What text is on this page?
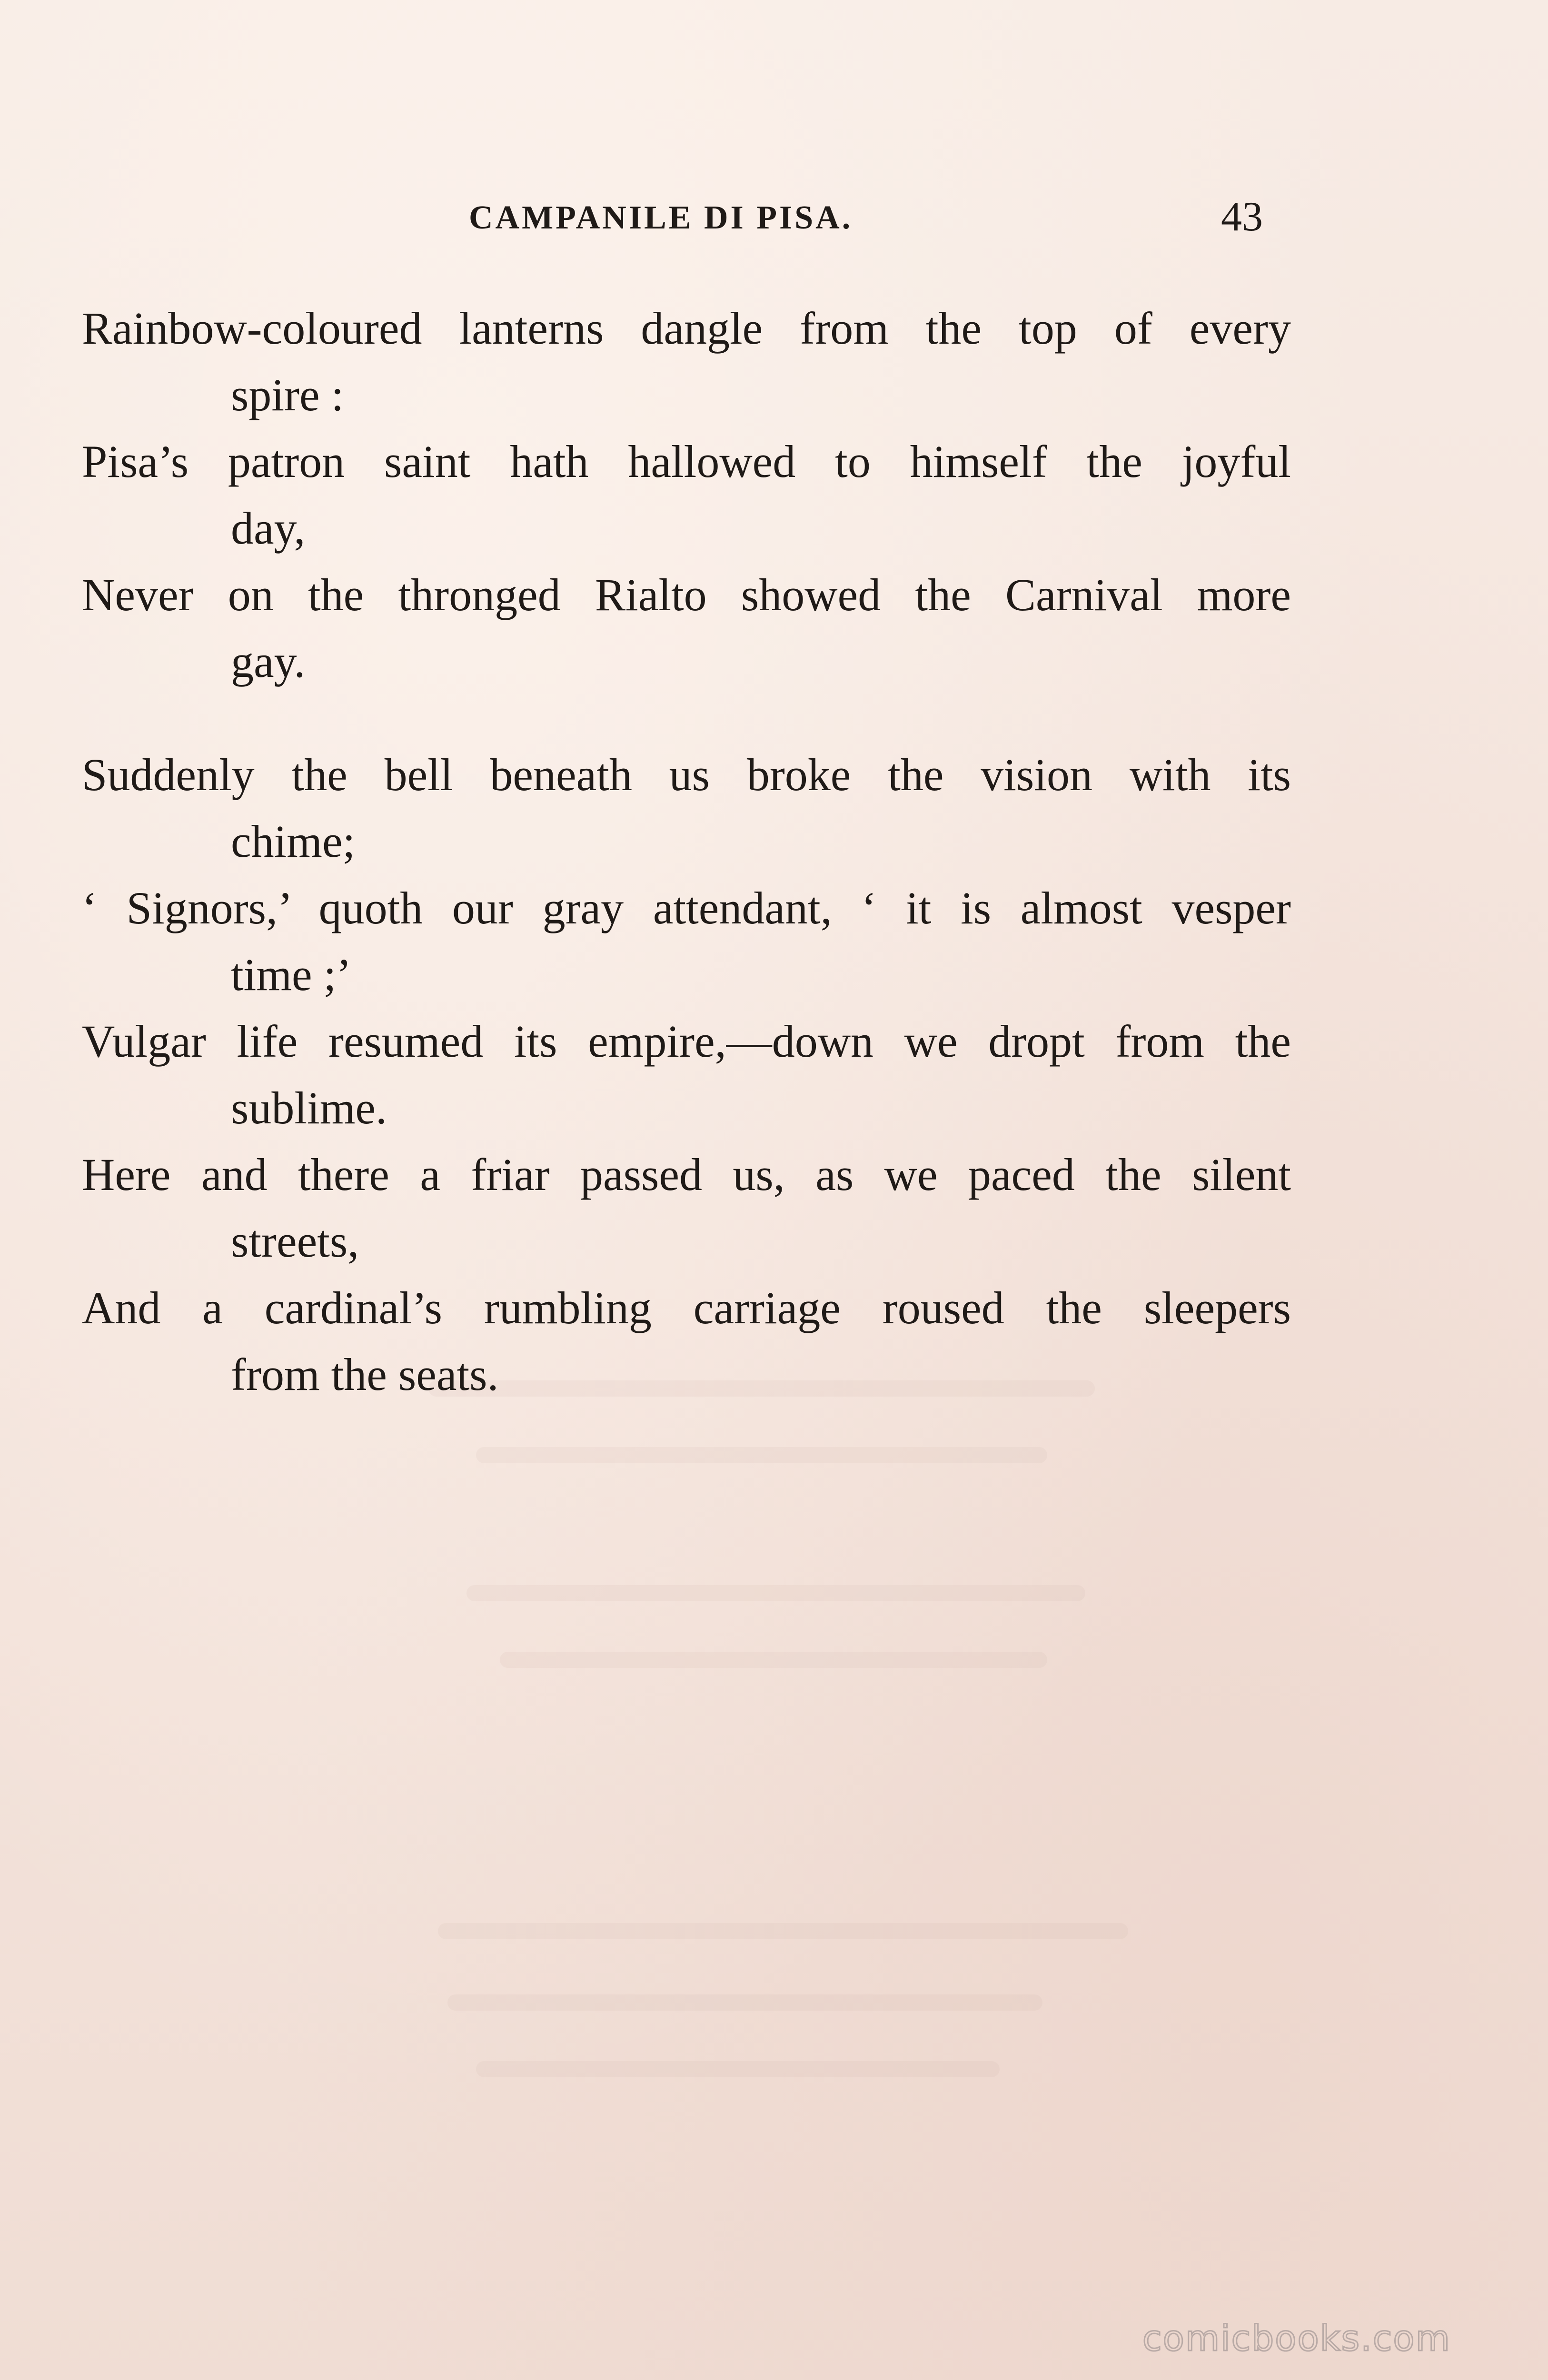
CAMPANILE DI PISA.	43
Rainbow-coloured lanterns dangle from the top of every
spire :
Pisa’s patron saint hath hallowed to himself the joyful
day,
Never on the thronged Rialto showed the Carnival more
gay.
Suddenly the bell beneath us broke the vision with its
chime;
‘ Signors,’ quoth our gray attendant, ‘ it is almost vesper
time ;’
Vulgar life resumed its empire,—down we dropt from the
sublime.
Here and there a friar passed us, as we paced the silent
streets,
And a cardinal’s rumbling carriage roused the sleepers
from the seats.
comicbooks.com
